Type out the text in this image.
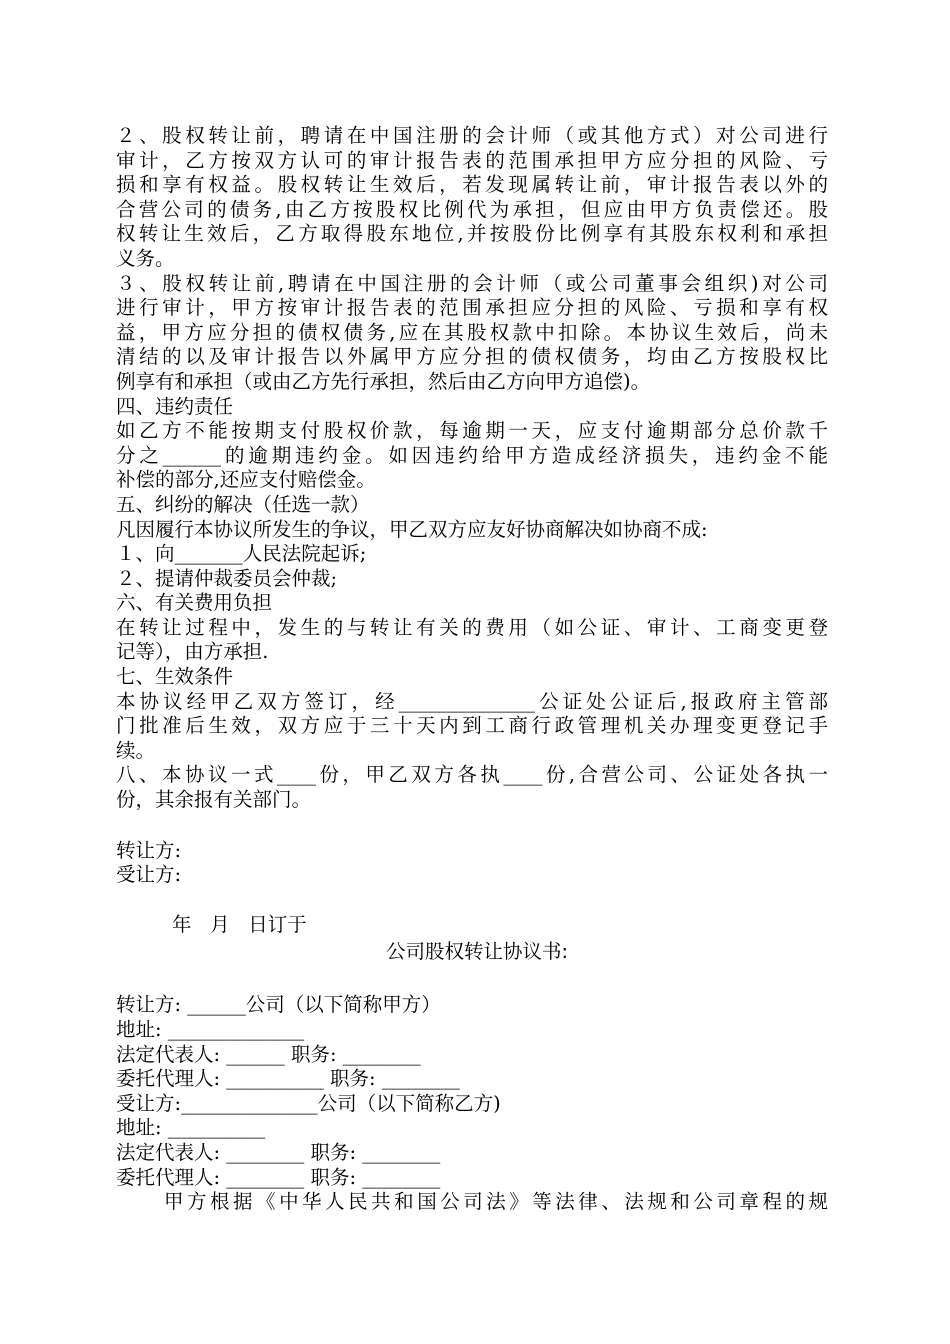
２、股权转让前，聘请在中国注册的会计师（或其他方式）对公司进行
审计，乙方按双方认可的审计报告表的范围承担甲方应分担的风险、亏
损和享有权益。股权转让生效后，若发现属转让前，审计报告表以外的
合营公司的债务,由乙方按股权比例代为承担，但应由甲方负责偿还。股
权转让生效后，乙方取得股东地位,并按股份比例享有其股东权利和承担
义务。
３、股权转让前,聘请在中国注册的会计师（或公司董事会组织)对公司
进行审计，甲方按审计报告表的范围承担应分担的风险、亏损和享有权
益，甲方应分担的债权债务,应在其股权款中扣除。本协议生效后，尚未
清结的以及审计报告以外属甲方应分担的债权债务，均由乙方按股权比
例享有和承担（或由乙方先行承担，然后由乙方向甲方追偿)。
四、违约责任
如乙方不能按期支付股权价款，每逾期一天，应支付逾期部分总价款千
分之______的逾期违约金。如因违约给甲方造成经济损失，违约金不能
补偿的部分,还应支付赔偿金。
五、纠纷的解决（任选一款）
凡因履行本协议所发生的争议，甲乙双方应友好协商解决如协商不成:
１、向_______人民法院起诉;
２、提请仲裁委员会仲裁;
六、有关费用负担
在转让过程中，发生的与转让有关的费用（如公证、审计、工商变更登
记等），由方承担.
七、生效条件
本协议经甲乙双方签订，经______________公证处公证后,报政府主管部
门批准后生效，双方应于三十天内到工商行政管理机关办理变更登记手
续。
八、本协议一式____份，甲乙双方各执____份,合营公司、公证处各执一
份，其余报有关部门。
转让方:
受让方:
年   月   日订于
公司股权转让协议书:
转让方: ______公司（以下简称甲方）
地址: ______________
法定代表人: ______ 职务: ________
委托代理人: __________ 职务: ________
受让方:______________公司（以下简称乙方)
地址: __________
法定代表人: ________ 职务: ________
委托代理人: ________ 职务: ________
甲方根据《中华人民共和国公司法》等法律、法规和公司章程的规
